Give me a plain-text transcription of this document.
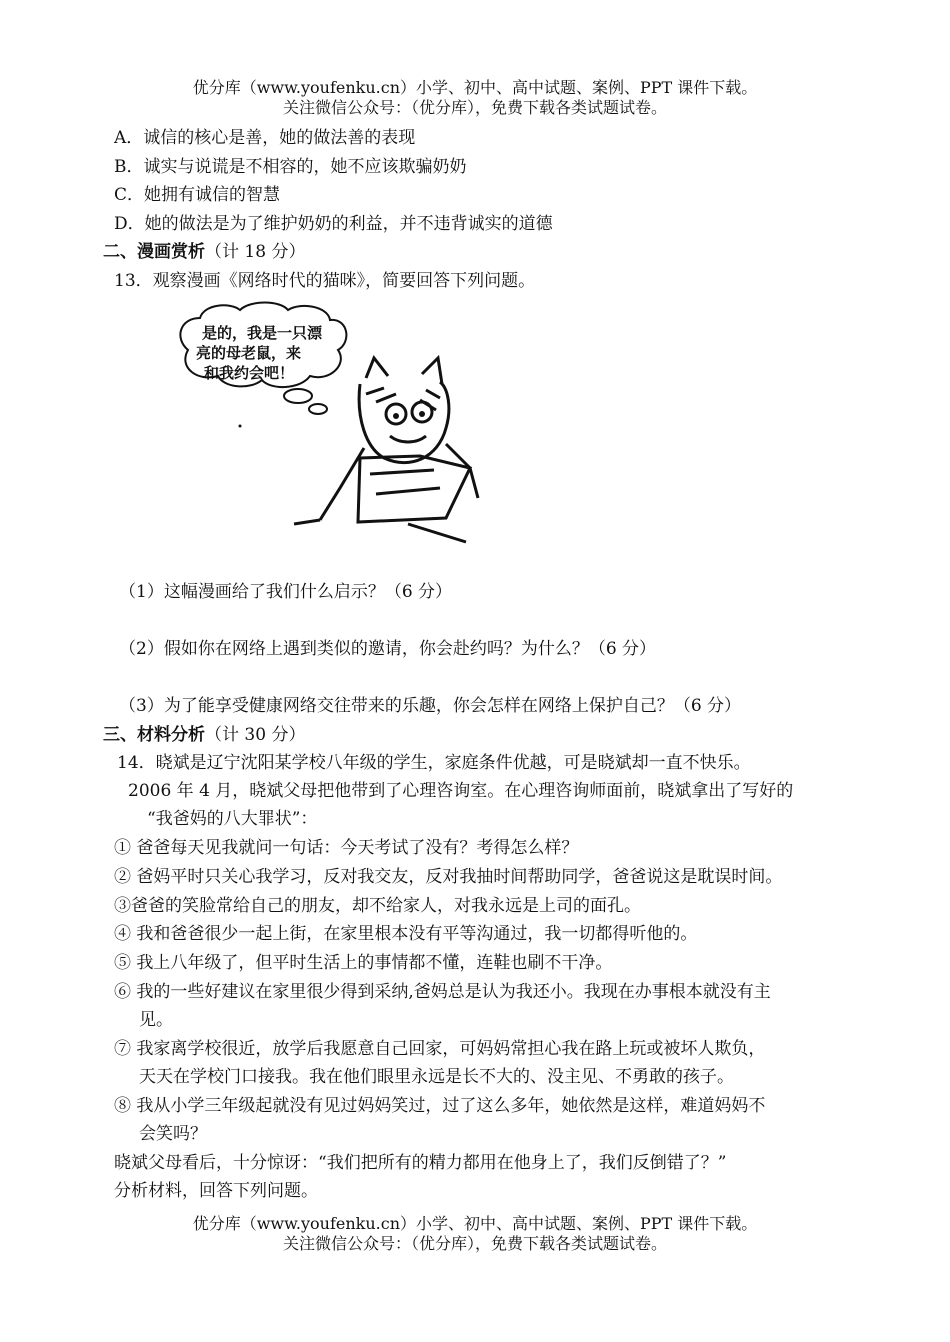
优分库（www.youfenku.cn）小学、初中、高中试题、案例、PPT 课件下载。
关注微信公众号：（优分库），免费下载各类试题试卷。
A．诚信的核心是善，她的做法善的表现
B．诚实与说谎是不相容的，她不应该欺骗奶奶
C．她拥有诚信的智慧
D．她的做法是为了维护奶奶的利益，并不违背诚实的道德
二、漫画赏析（计 18 分）
13．观察漫画《网络时代的猫咪》，简要回答下列问题。
是的，我是一只漂
亮的母老鼠，来
和我约会吧！
（1）这幅漫画给了我们什么启示？（6 分）
（2）假如你在网络上遇到类似的邀请，你会赴约吗？为什么？（6 分）
（3）为了能享受健康网络交往带来的乐趣，你会怎样在网络上保护自己？（6 分）
三、材料分析（计 30 分）
14．晓斌是辽宁沈阳某学校八年级的学生，家庭条件优越，可是晓斌却一直不快乐。
2006 年 4 月，晓斌父母把他带到了心理咨询室。在心理咨询师面前，晓斌拿出了写好的
“我爸妈的八大罪状”：
① 爸爸每天见我就问一句话：今天考试了没有？考得怎么样？
② 爸妈平时只关心我学习，反对我交友，反对我抽时间帮助同学，爸爸说这是耽误时间。
③爸爸的笑脸常给自己的朋友，却不给家人，对我永远是上司的面孔。
④ 我和爸爸很少一起上街，在家里根本没有平等沟通过，我一切都得听他的。
⑤ 我上八年级了，但平时生活上的事情都不懂，连鞋也刷不干净。
⑥ 我的一些好建议在家里很少得到采纳,爸妈总是认为我还小。我现在办事根本就没有主
见。
⑦ 我家离学校很近，放学后我愿意自己回家，可妈妈常担心我在路上玩或被坏人欺负，
天天在学校门口接我。我在他们眼里永远是长不大的、没主见、不勇敢的孩子。
⑧ 我从小学三年级起就没有见过妈妈笑过，过了这么多年，她依然是这样，难道妈妈不
会笑吗？
晓斌父母看后，十分惊讶：“我们把所有的精力都用在他身上了，我们反倒错了？”
分析材料，回答下列问题。
优分库（www.youfenku.cn）小学、初中、高中试题、案例、PPT 课件下载。
关注微信公众号：（优分库），免费下载各类试题试卷。
